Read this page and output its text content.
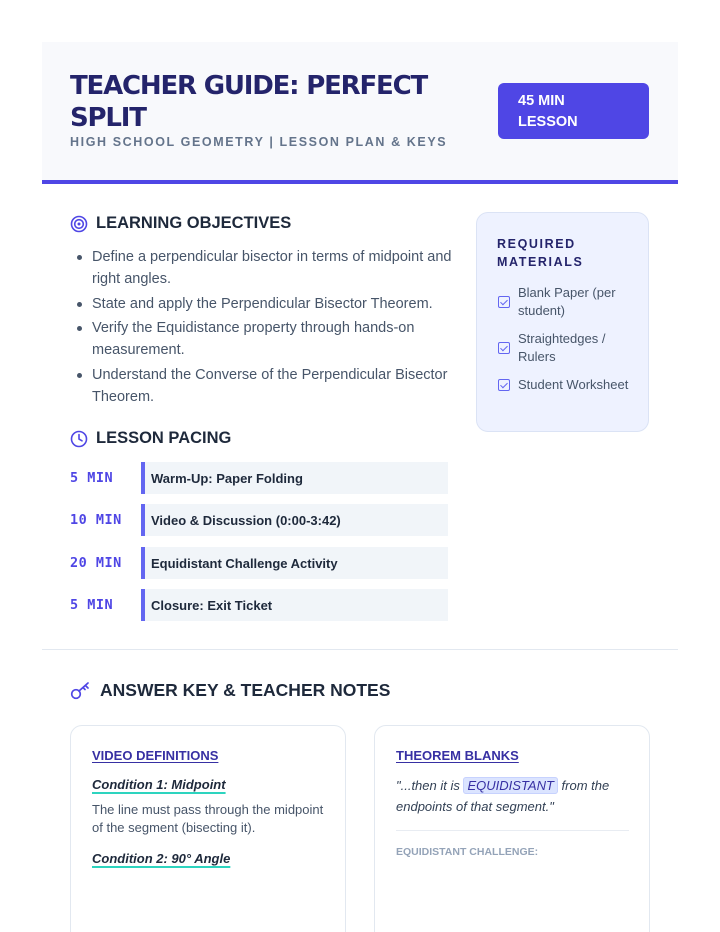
TEACHER GUIDE: PERFECT SPLIT
HIGH SCHOOL GEOMETRY | LESSON PLAN & KEYS
45 MIN
LESSON
LEARNING OBJECTIVES
Define a perpendicular bisector in terms of midpoint and right angles.
State and apply the Perpendicular Bisector Theorem.
Verify the Equidistance property through hands-on measurement.
Understand the Converse of the Perpendicular Bisector Theorem.
LESSON PACING
5 MIN	Warm-Up: Paper Folding
10 MIN	Video & Discussion (0:00-3:42)
20 MIN	Equidistant Challenge Activity
5 MIN	Closure: Exit Ticket
REQUIRED MATERIALS
Blank Paper (per student)
Straightedges / Rulers
Student Worksheet
ANSWER KEY & TEACHER NOTES
VIDEO DEFINITIONS
Condition 1: Midpoint
The line must pass through the midpoint of the segment (bisecting it).
Condition 2: 90° Angle
THEOREM BLANKS
"...then it is EQUIDISTANT from the endpoints of that segment."
EQUIDISTANT CHALLENGE:
